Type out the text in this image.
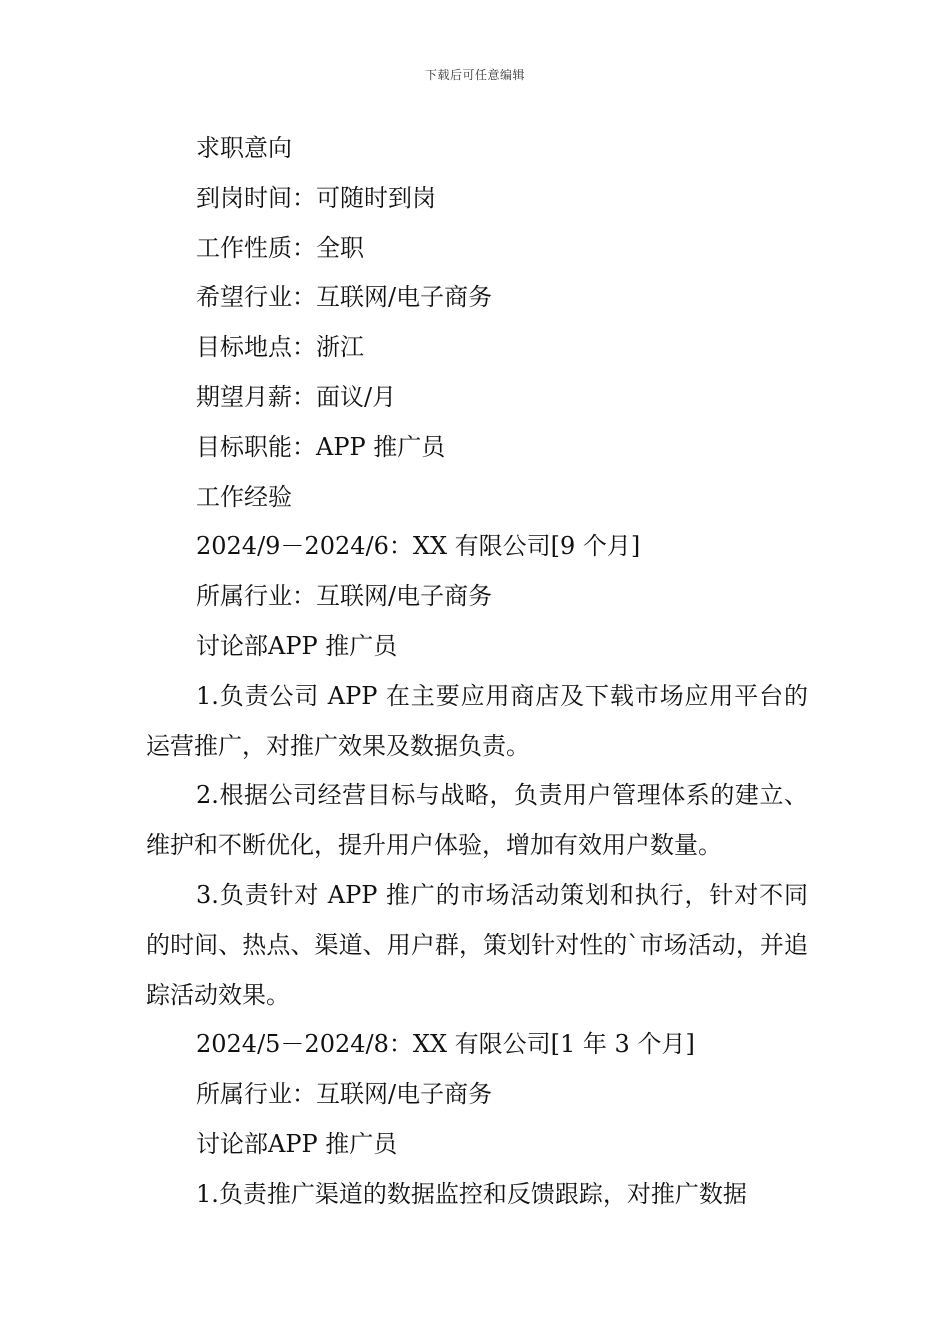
下载后可任意编辑

求职意向

到岗时间：可随时到岗

工作性质：全职

希望行业：互联网/电子商务

目标地点：浙江

期望月薪：面议/月

目标职能：APP 推广员

工作经验

2024/9－2024/6：XX 有限公司[9 个月]

所属行业：互联网/电子商务

讨论部APP 推广员

1.负责公司 APP 在主要应用商店及下载市场应用平台的运营推广，对推广效果及数据负责。

2.根据公司经营目标与战略，负责用户管理体系的建立、维护和不断优化，提升用户体验，增加有效用户数量。

3.负责针对 APP 推广的市场活动策划和执行，针对不同的时间、热点、渠道、用户群，策划针对性的`市场活动，并追踪活动效果。

2024/5－2024/8：XX 有限公司[1 年 3 个月]

所属行业：互联网/电子商务

讨论部APP 推广员

1.负责推广渠道的数据监控和反馈跟踪，对推广数据
